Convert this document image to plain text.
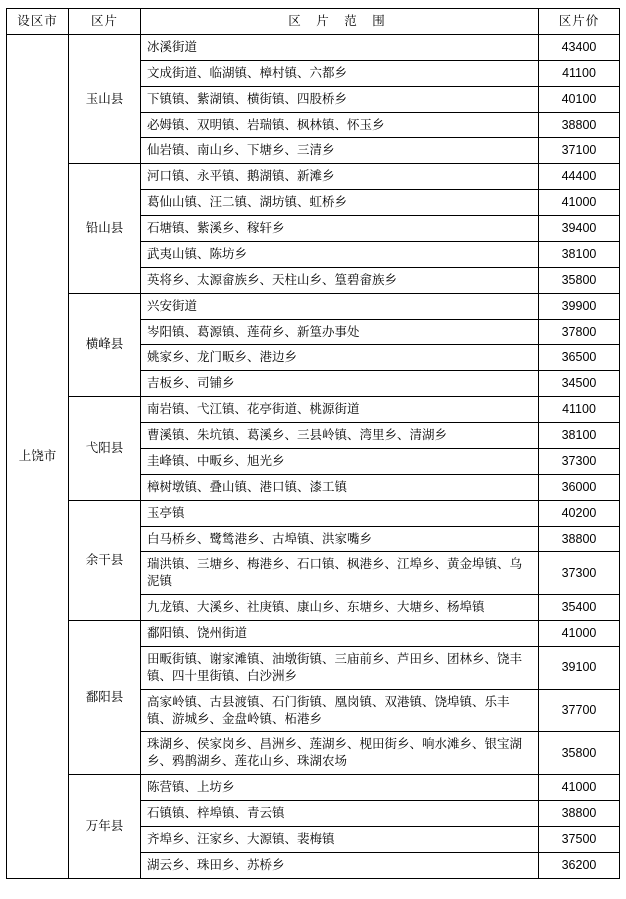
设区市	区片	区 片 范 围	区片价
上饶市	玉山县	冰溪街道	43400
		文成街道、临湖镇、樟村镇、六都乡	41100
		下镇镇、紫湖镇、横街镇、四股桥乡	40100
		必姆镇、双明镇、岩瑞镇、枫林镇、怀玉乡	38800
		仙岩镇、南山乡、下塘乡、三清乡	37100
	铅山县	河口镇、永平镇、鹅湖镇、新滩乡	44400
		葛仙山镇、汪二镇、湖坊镇、虹桥乡	41000
		石塘镇、紫溪乡、稼轩乡	39400
		武夷山镇、陈坊乡	38100
		英将乡、太源畲族乡、天柱山乡、篁碧畲族乡	35800
	横峰县	兴安街道	39900
		岑阳镇、葛源镇、莲荷乡、新篁办事处	37800
		姚家乡、龙门畈乡、港边乡	36500
		吉板乡、司铺乡	34500
	弋阳县	南岩镇、弋江镇、花亭街道、桃源街道	41100
		曹溪镇、朱坑镇、葛溪乡、三县岭镇、湾里乡、清湖乡	38100
		圭峰镇、中畈乡、旭光乡	37300
		樟树墩镇、叠山镇、港口镇、漆工镇	36000
	余干县	玉亭镇	40200
		白马桥乡、鹭鸶港乡、古埠镇、洪家嘴乡	38800
		瑞洪镇、三塘乡、梅港乡、石口镇、枫港乡、江埠乡、黄金埠镇、乌泥镇	37300
		九龙镇、大溪乡、社庚镇、康山乡、东塘乡、大塘乡、杨埠镇	35400
	鄱阳县	鄱阳镇、饶州街道	41000
		田畈街镇、谢家滩镇、油墩街镇、三庙前乡、芦田乡、团林乡、饶丰镇、四十里街镇、白沙洲乡	39100
		高家岭镇、古县渡镇、石门街镇、凰岗镇、双港镇、饶埠镇、乐丰镇、游城乡、金盘岭镇、柘港乡	37700
		珠湖乡、侯家岗乡、昌洲乡、莲湖乡、枧田街乡、响水滩乡、银宝湖乡、鸦鹊湖乡、莲花山乡、珠湖农场	35800
	万年县	陈营镇、上坊乡	41000
		石镇镇、梓埠镇、青云镇	38800
		齐埠乡、汪家乡、大源镇、裴梅镇	37500
		湖云乡、珠田乡、苏桥乡	36200
